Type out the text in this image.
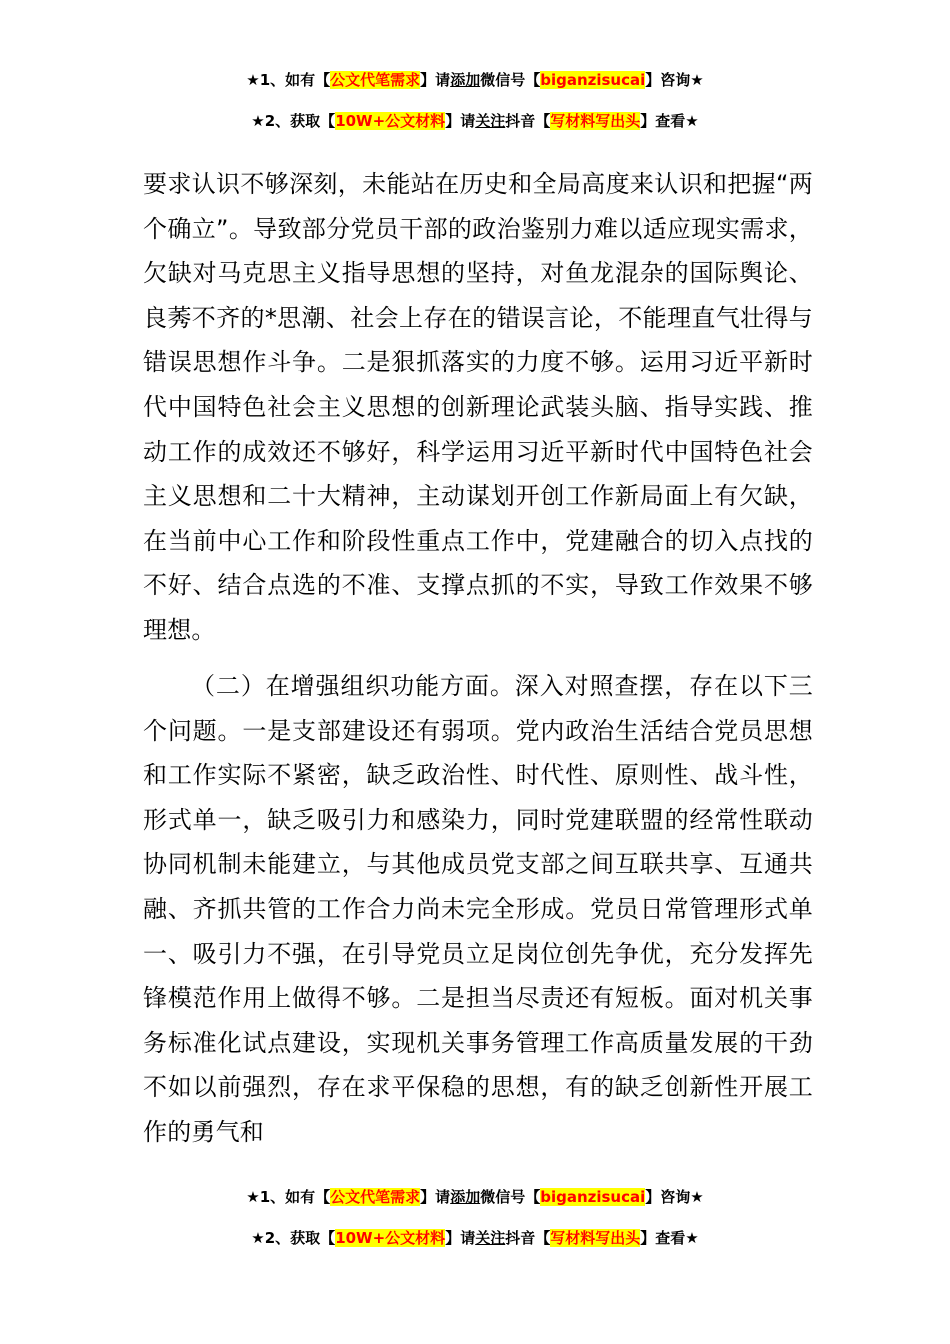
★1、如有【公文代笔需求】请添加微信号【biganzisucai】咨询★
★2、获取【10W+公文材料】请关注抖音【写材料写出头】查看★

要求认识不够深刻，未能站在历史和全局高度来认识和把握“两个确立”。导致部分党员干部的政治鉴别力难以适应现实需求，欠缺对马克思主义指导思想的坚持，对鱼龙混杂的国际舆论、良莠不齐的*思潮、社会上存在的错误言论，不能理直气壮得与错误思想作斗争。二是狠抓落实的力度不够。运用习近平新时代中国特色社会主义思想的创新理论武装头脑、指导实践、推动工作的成效还不够好，科学运用习近平新时代中国特色社会主义思想和二十大精神，主动谋划开创工作新局面上有欠缺，在当前中心工作和阶段性重点工作中，党建融合的切入点找的不好、结合点选的不准、支撑点抓的不实，导致工作效果不够理想。

（二）在增强组织功能方面。深入对照查摆，存在以下三个问题。一是支部建设还有弱项。党内政治生活结合党员思想和工作实际不紧密，缺乏政治性、时代性、原则性、战斗性，形式单一，缺乏吸引力和感染力，同时党建联盟的经常性联动协同机制未能建立，与其他成员党支部之间互联共享、互通共融、齐抓共管的工作合力尚未完全形成。党员日常管理形式单一、吸引力不强，在引导党员立足岗位创先争优，充分发挥先锋模范作用上做得不够。二是担当尽责还有短板。面对机关事务标准化试点建设，实现机关事务管理工作高质量发展的干劲不如以前强烈，存在求平保稳的思想，有的缺乏创新性开展工作的勇气和

★1、如有【公文代笔需求】请添加微信号【biganzisucai】咨询★
★2、获取【10W+公文材料】请关注抖音【写材料写出头】查看★
